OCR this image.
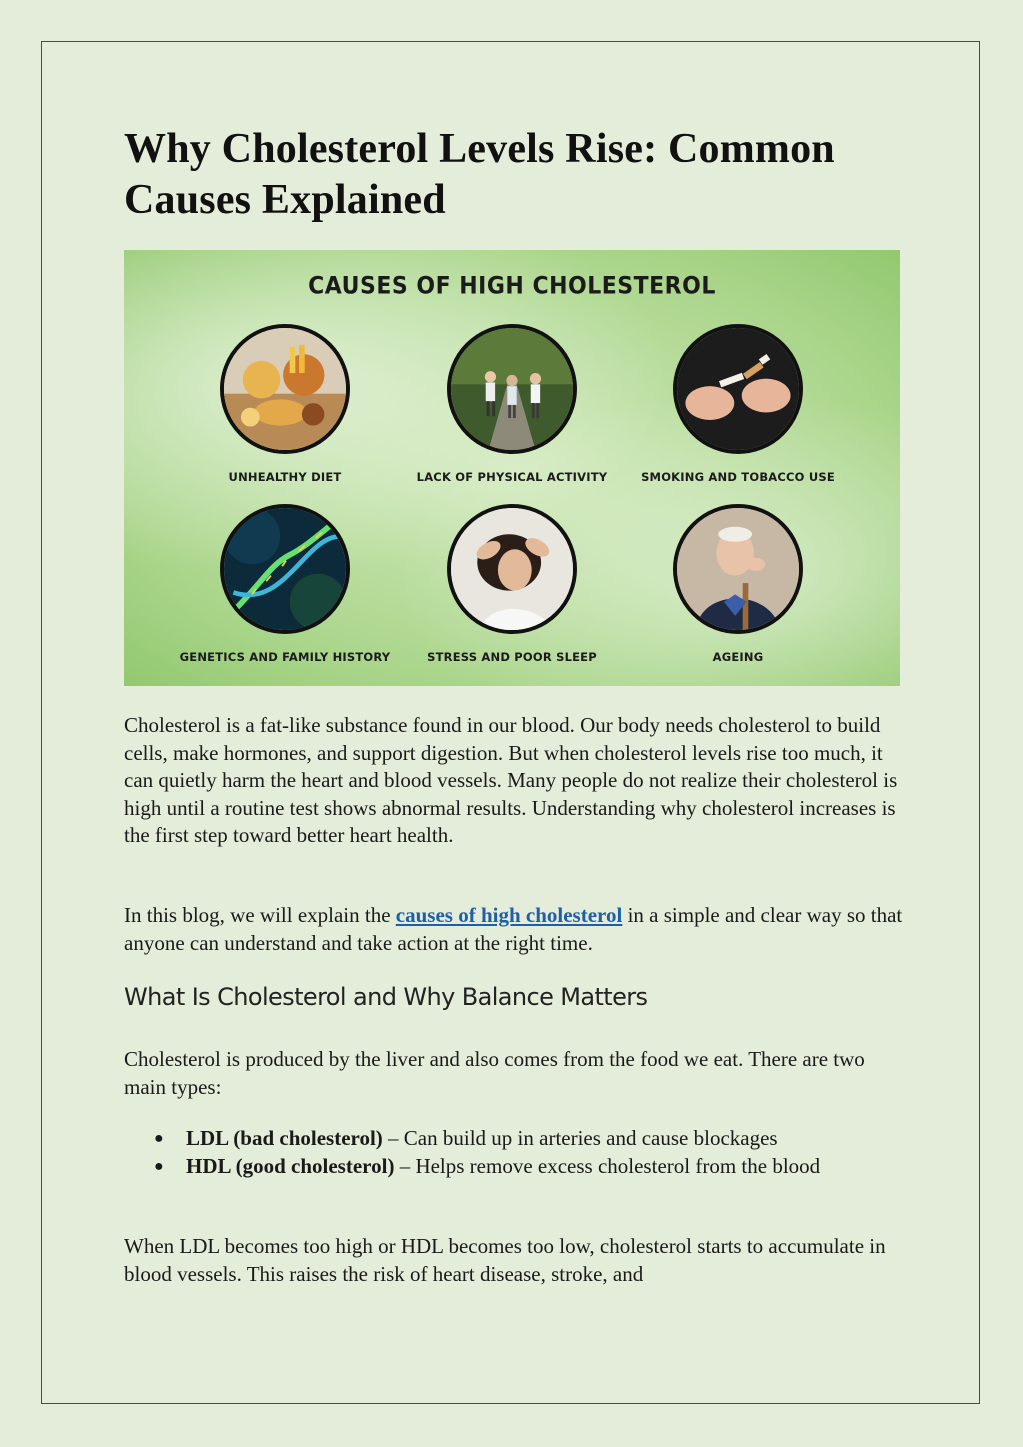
Why Cholesterol Levels Rise: Common Causes Explained
CAUSES OF HIGH CHOLESTEROL
UNHEALTHY DIET	LACK OF PHYSICAL ACTIVITY	SMOKING AND TOBACCO USE
GENETICS AND FAMILY HISTORY	STRESS AND POOR SLEEP	AGEING

Cholesterol is a fat-like substance found in our blood. Our body needs cholesterol to build cells, make hormones, and support digestion. But when cholesterol levels rise too much, it can quietly harm the heart and blood vessels. Many people do not realize their cholesterol is high until a routine test shows abnormal results. Understanding why cholesterol increases is the first step toward better heart health.

In this blog, we will explain the causes of high cholesterol in a simple and clear way so that anyone can understand and take action at the right time.

What Is Cholesterol and Why Balance Matters

Cholesterol is produced by the liver and also comes from the food we eat. There are two main types:

● LDL (bad cholesterol) – Can build up in arteries and cause blockages
● HDL (good cholesterol) – Helps remove excess cholesterol from the blood

When LDL becomes too high or HDL becomes too low, cholesterol starts to accumulate in blood vessels. This raises the risk of heart disease, stroke, and
